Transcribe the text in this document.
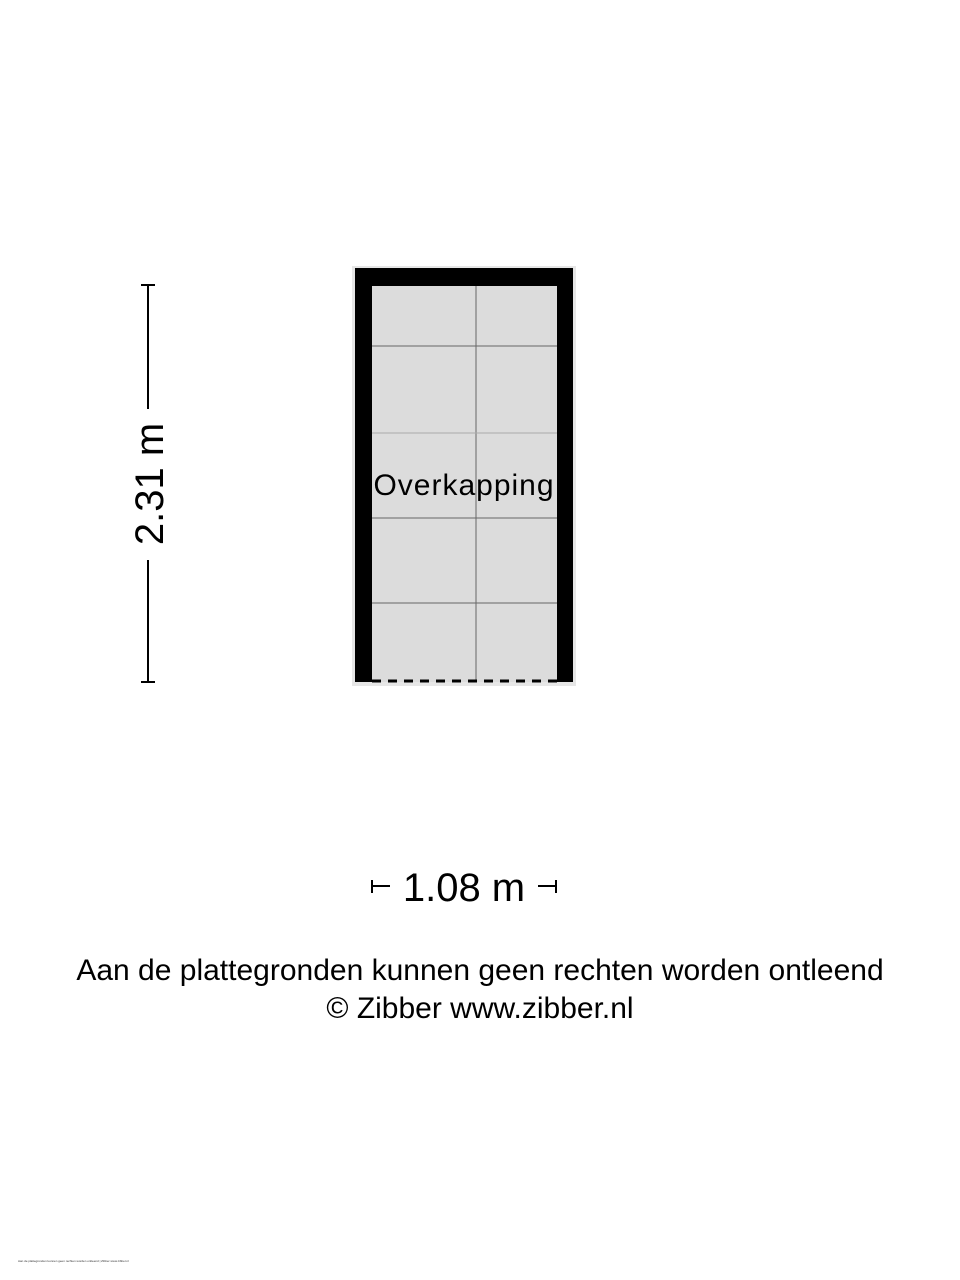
Overkapping
2.31 m
1.08 m
Aan de plattegronden kunnen geen rechten worden ontleend
© Zibber www.zibber.nl
Aan de plattegronden kunnen geen rechten worden ontleend | Zibber www.zibber.nl
